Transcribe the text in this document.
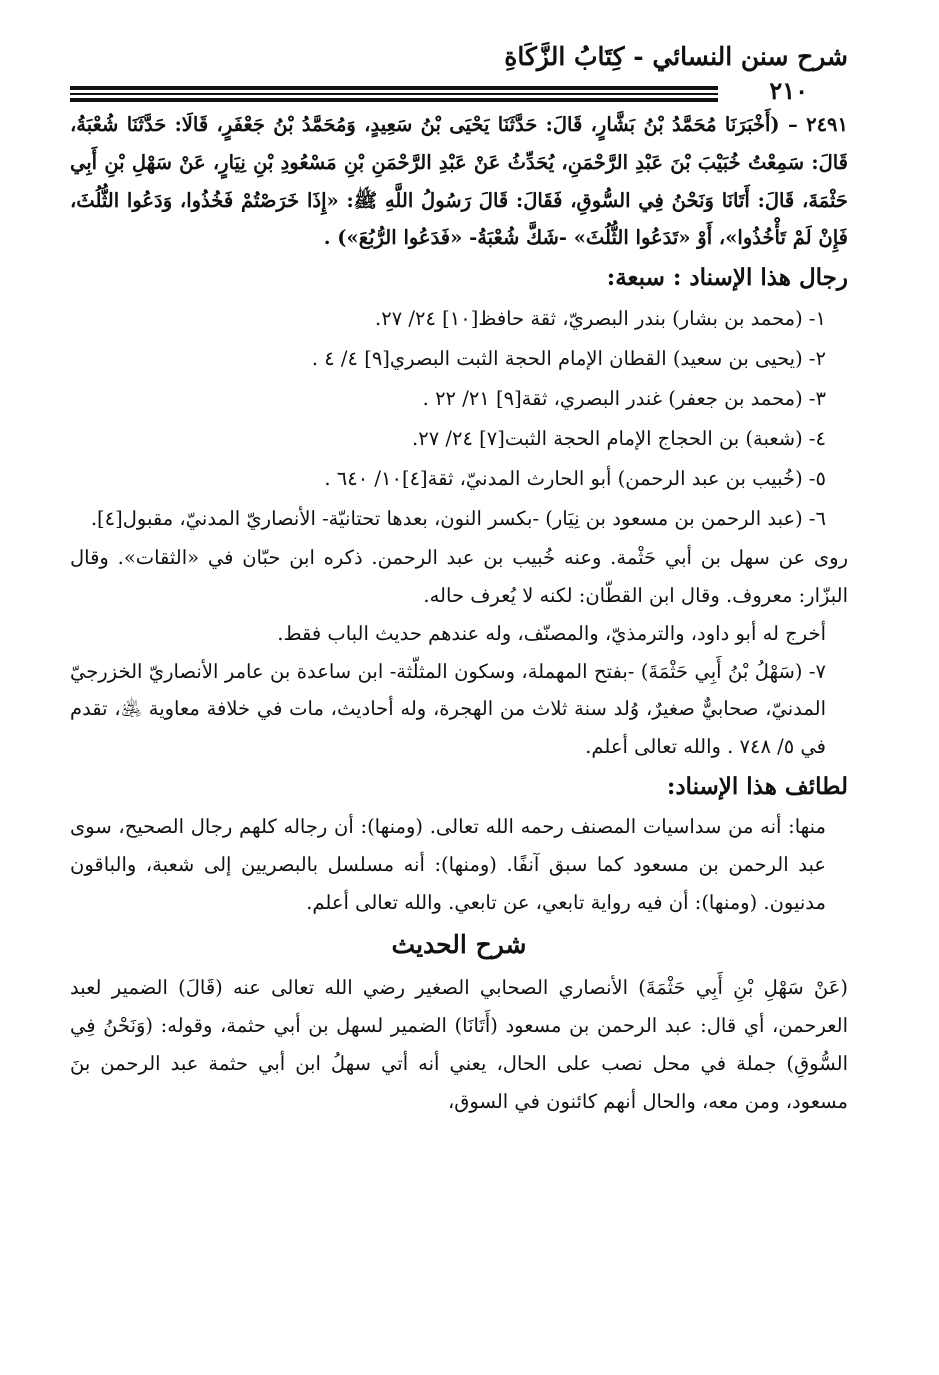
شرح سنن النسائي - كِتَابُ الزَّكَاةِ
٢١٠

٢٤٩١ – (أَخْبَرَنَا مُحَمَّدُ بْنُ بَشَّارٍ، قَالَ: حَدَّثَنَا يَحْيَى بْنُ سَعِيدٍ، وَمُحَمَّدُ بْنُ جَعْفَرٍ، قَالَا: حَدَّثَنَا شُعْبَةُ، قَالَ: سَمِعْتُ خُبَيْبَ بْنَ عَبْدِ الرَّحْمَنِ، يُحَدِّثُ عَنْ عَبْدِ الرَّحْمَنِ بْنِ مَسْعُودِ بْنِ نِيَارٍ، عَنْ سَهْلِ بْنِ أَبِي حَثْمَةَ، قَالَ: أَتَانَا وَنَحْنُ فِي السُّوقِ، فَقَالَ: قَالَ رَسُولُ اللَّهِ ﷺ: «إِذَا خَرَصْتُمْ فَخُذُوا، وَدَعُوا الثُّلُثَ، فَإِنْ لَمْ تَأْخُذُوا»، أَوْ «تَدَعُوا الثُّلُثَ» -شَكَّ شُعْبَةُ- «فَدَعُوا الرُّبُعَ») .

رجال هذا الإسناد : سبعة:

١- (محمد بن بشار) بندر البصريّ، ثقة حافظ[١٠] ٢٤/ ٢٧.
٢- (يحيى بن سعيد) القطان الإمام الحجة الثبت البصري[٩] ٤/ ٤ .
٣- (محمد بن جعفر) غندر البصري، ثقة[٩] ٢١/ ٢٢ .
٤- (شعبة) بن الحجاج الإمام الحجة الثبت[٧] ٢٤/ ٢٧.
٥- (خُبيب بن عبد الرحمن) أبو الحارث المدنيّ، ثقة[٤]١٠/ ٦٤٠ .
٦- (عبد الرحمن بن مسعود بن نِيَار) -بكسر النون، بعدها تحتانيّة- الأنصاريّ المدنيّ، مقبول[٤].

روى عن سهل بن أبي حَثْمة. وعنه خُبيب بن عبد الرحمن. ذكره ابن حبّان في «الثقات». وقال البزّار: معروف. وقال ابن القطّان: لكنه لا يُعرف حاله.

أخرج له أبو داود، والترمذيّ، والمصنّف، وله عندهم حديث الباب فقط.

٧- (سَهْلُ بْنُ أَبِي حَثْمَةَ) -بفتح المهملة، وسكون المثلّثة- ابن ساعدة بن عامر الأنصاريّ الخزرجيّ المدنيّ، صحابيٌّ صغيرٌ، وُلد سنة ثلاث من الهجرة، وله أحاديث، مات في خلافة معاوية ﵁، تقدم في ٥/ ٧٤٨ . والله تعالى أعلم.

لطائف هذا الإسناد:

منها: أنه من سداسيات المصنف رحمه الله تعالى. (ومنها): أن رجاله كلهم رجال الصحيح، سوى عبد الرحمن بن مسعود كما سبق آنفًا. (ومنها): أنه مسلسل بالبصريين إلى شعبة، والباقون مدنيون. (ومنها): أن فيه رواية تابعي، عن تابعي. والله تعالى أعلم.

شرح الحديث

(عَنْ سَهْلِ بْنِ أَبِي حَثْمَةَ) الأنصاري الصحابي الصغير رضي الله تعالى عنه (قَالَ) الضمير لعبد العرحمن، أي قال: عبد الرحمن بن مسعود (أَتَانَا) الضمير لسهل بن أبي حثمة، وقوله: (وَنَحْنُ فِي السُّوقِ) جملة في محل نصب على الحال، يعني أنه أتي سهلُ ابن أبي حثمة عبد الرحمن بنَ مسعود، ومن معه، والحال أنهم كائنون في السوق،
